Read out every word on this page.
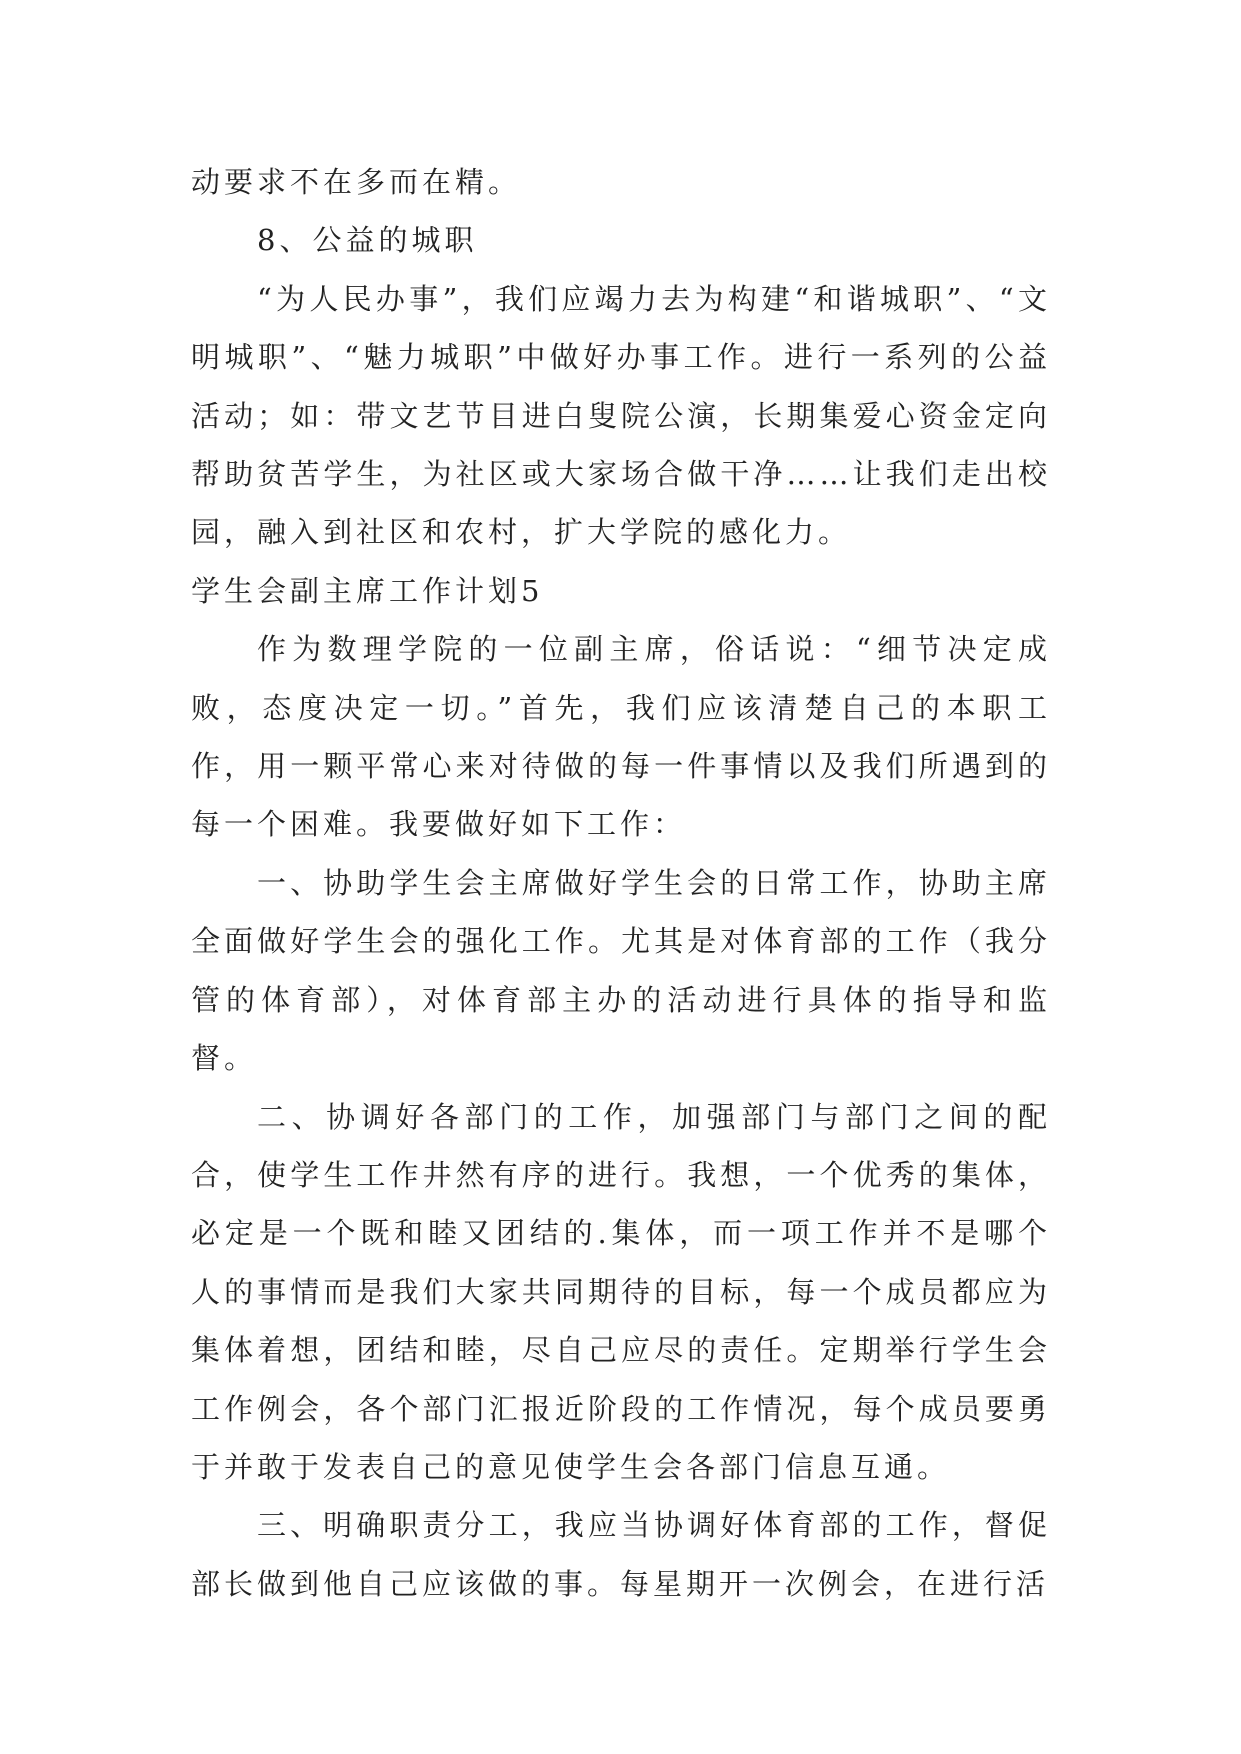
动要求不在多而在精。

8、公益的城职

“为人民办事”，我们应竭力去为构建“和谐城职”、“文明城职”、“魅力城职”中做好办事工作。进行一系列的公益活动；如：带文艺节目进白叟院公演，长期集爱心资金定向帮助贫苦学生，为社区或大家场合做干净……让我们走出校园，融入到社区和农村，扩大学院的感化力。

学生会副主席工作计划5

作为数理学院的一位副主席，俗话说：“细节决定成败，态度决定一切。”首先，我们应该清楚自己的本职工作，用一颗平常心来对待做的每一件事情以及我们所遇到的每一个困难。我要做好如下工作：

一、协助学生会主席做好学生会的日常工作，协助主席全面做好学生会的强化工作。尤其是对体育部的工作（我分管的体育部），对体育部主办的活动进行具体的指导和监督。

二、协调好各部门的工作，加强部门与部门之间的配合，使学生工作井然有序的进行。我想，一个优秀的集体，必定是一个既和睦又团结的.集体，而一项工作并不是哪个人的事情而是我们大家共同期待的目标，每一个成员都应为集体着想，团结和睦，尽自己应尽的责任。定期举行学生会工作例会，各个部门汇报近阶段的工作情况，每个成员要勇于并敢于发表自己的意见使学生会各部门信息互通。

三、明确职责分工，我应当协调好体育部的工作，督促部长做到他自己应该做的事。每星期开一次例会，在进行活
